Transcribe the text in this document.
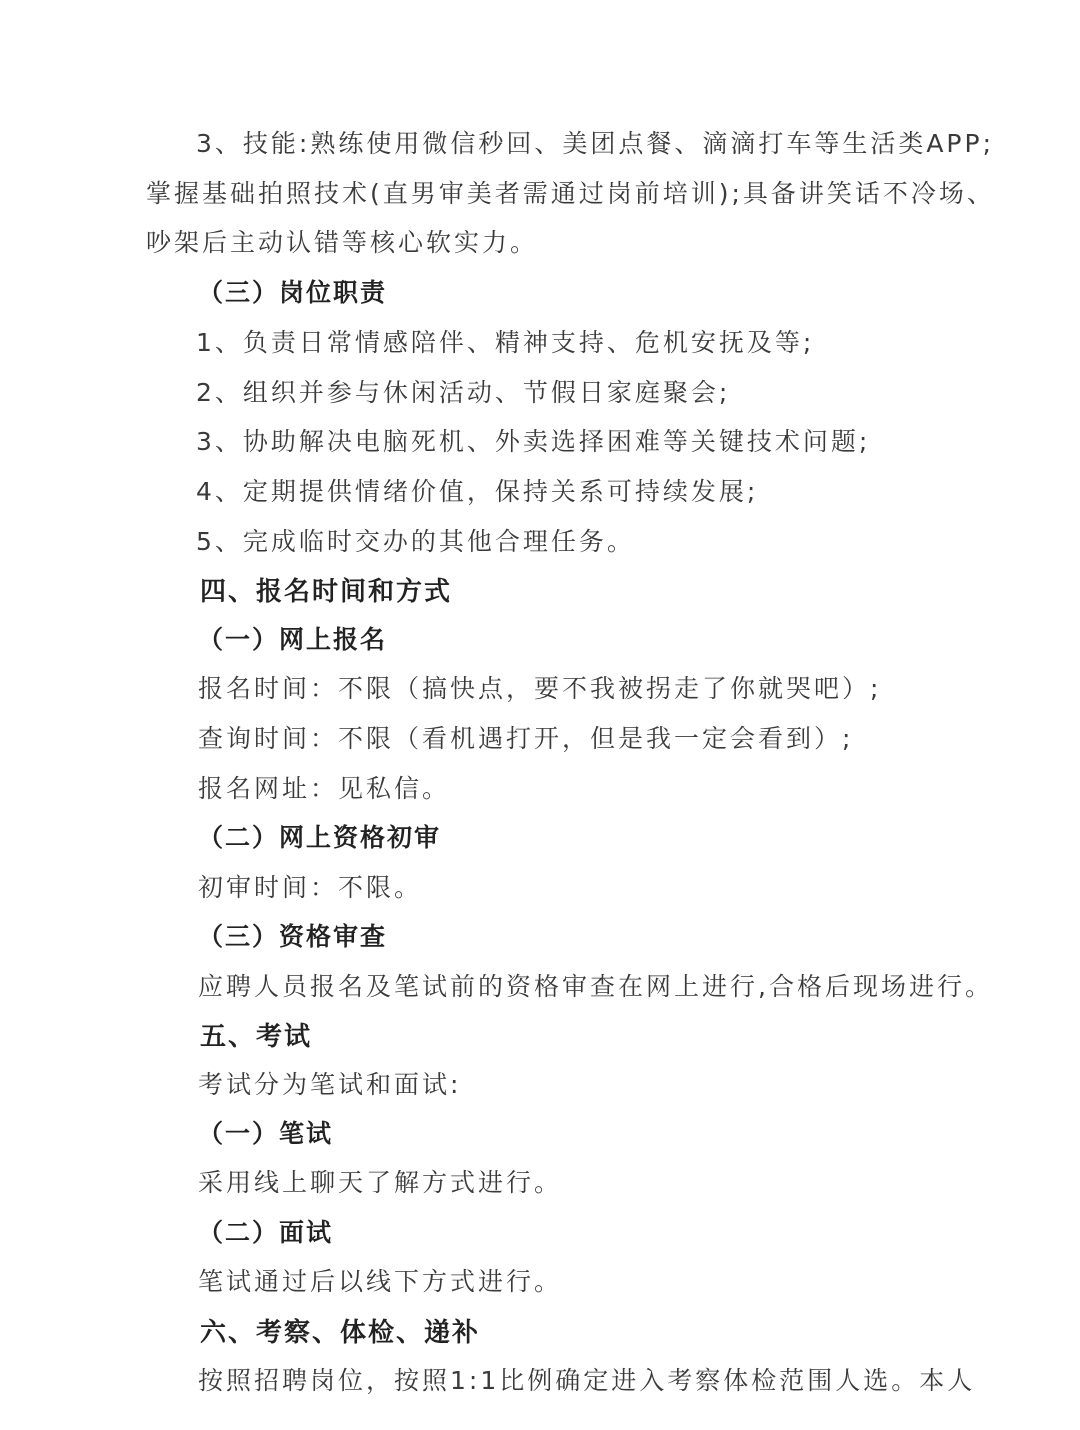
3、技能:熟练使用微信秒回、美团点餐、滴滴打车等生活类APP;
掌握基础拍照技术(直男审美者需通过岗前培训);具备讲笑话不冷场、
吵架后主动认错等核心软实力。
（三）岗位职责
1、负责日常情感陪伴、精神支持、危机安抚及等;
2、组织并参与休闲活动、节假日家庭聚会;
3、协助解决电脑死机、外卖选择困难等关键技术问题;
4、定期提供情绪价值，保持关系可持续发展;
5、完成临时交办的其他合理任务。
四、报名时间和方式
（一）网上报名
报名时间：不限（搞快点，要不我被拐走了你就哭吧）;
查询时间：不限（看机遇打开，但是我一定会看到）;
报名网址：见私信。
（二）网上资格初审
初审时间：不限。
（三）资格审查
应聘人员报名及笔试前的资格审查在网上进行,合格后现场进行。
五、考试
考试分为笔试和面试:
（一）笔试
采用线上聊天了解方式进行。
（二）面试
笔试通过后以线下方式进行。
六、考察、体检、递补
按照招聘岗位，按照1:1比例确定进入考察体检范围人选。本人
